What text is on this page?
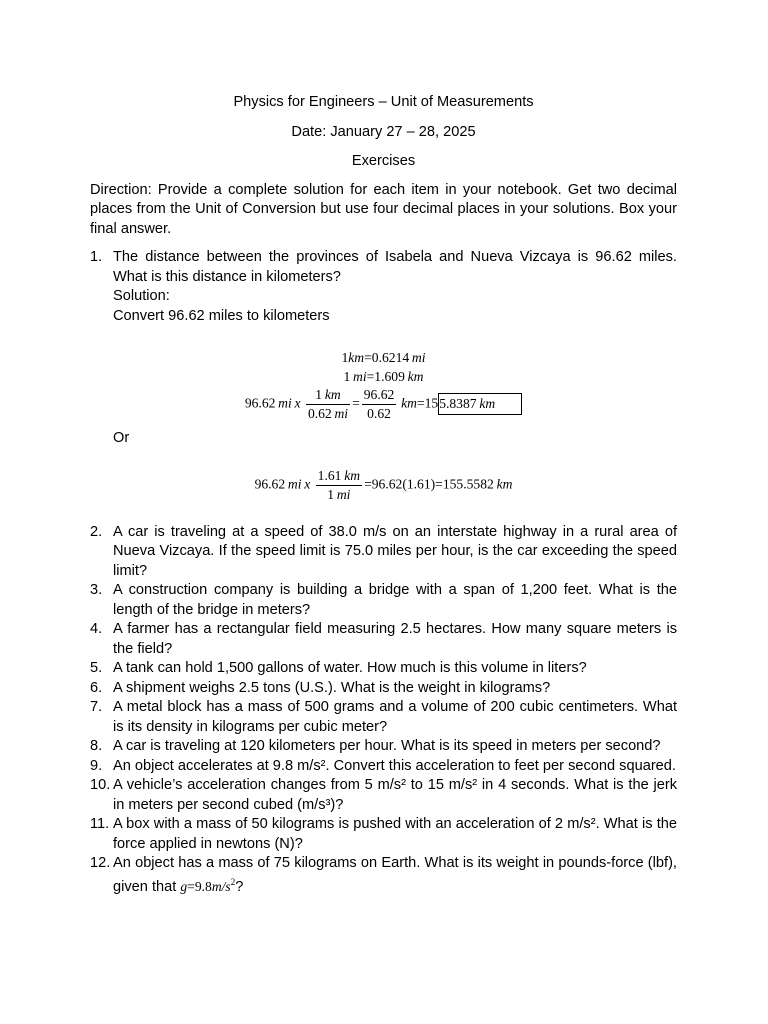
Physics for Engineers – Unit of Measurements
Date: January 27 – 28, 2025
Exercises
Direction: Provide a complete solution for each item in your notebook. Get two decimal places from the Unit of Conversion but use four decimal places in your solutions. Box your final answer.
1. The distance between the provinces of Isabela and Nueva Vizcaya is 96.62 miles. What is this distance in kilometers?
Solution:
Convert 96.62 miles to kilometers
1km=0.6214  mi
1  mi=1.609  km
96.62  mi  x $\frac{1 km}{0.62 mi} = \frac{96.62}{0.62}$
  km=155.8387  km
Or
96.62  mi  x $\frac{1.61 km}{1 mi} =96.62(1.61)=155.5582$  km
2. A car is traveling at a speed of 38.0 m/s on an interstate highway in a rural area of Nueva Vizcaya. If the speed limit is 75.0 miles per hour, is the car exceeding the speed limit?
3. A construction company is building a bridge with a span of 1,200 feet. What is the length of the bridge in meters?
4. A farmer has a rectangular field measuring 2.5 hectares. How many square meters is the field?
5. A tank can hold 1,500 gallons of water. How much is this volume in liters?
6. A shipment weighs 2.5 tons (U.S.). What is the weight in kilograms?
7. A metal block has a mass of 500 grams and a volume of 200 cubic centimeters. What is its density in kilograms per cubic meter?
8. A car is traveling at 120 kilometers per hour. What is its speed in meters per second?
9. An object accelerates at 9.8 m/s². Convert this acceleration to feet per second squared.
10. A vehicle’s acceleration changes from 5 m/s² to 15 m/s² in 4 seconds. What is the jerk in meters per second cubed (m/s³)?
11. A box with a mass of 50 kilograms is pushed with an acceleration of 2 m/s². What is the force applied in newtons (N)?
12. An object has a mass of 75 kilograms on Earth. What is its weight in pounds-force (lbf), given that $g=9.8m/s^2$?
